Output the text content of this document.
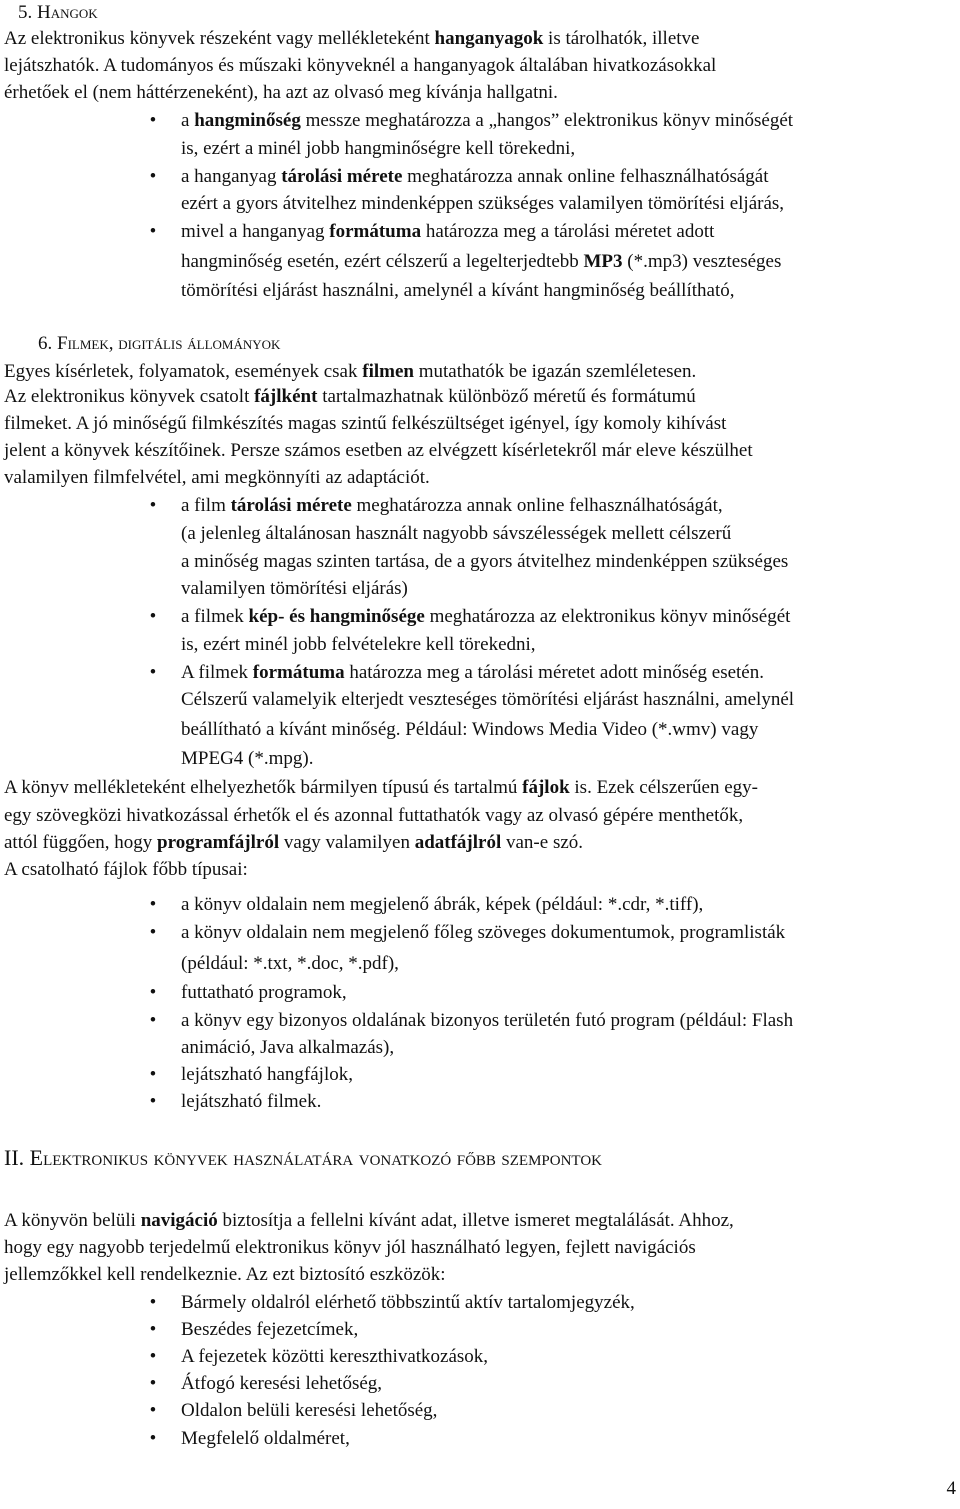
4
5. Hangok
Az elektronikus könyvek részeként vagy mellékleteként hanganyagok is tárolhatók, illetve
lejátszhatók. A tudományos és műszaki könyveknél a hanganyagok általában hivatkozásokkal
érhetőek el (nem háttérzeneként), ha azt az olvasó meg kívánja hallgatni.
• a hangminőség messze meghatározza a „hangos” elektronikus könyv minőségét
is, ezért a minél jobb hangminőségre kell törekedni,
• a hanganyag tárolási mérete meghatározza annak online felhasználhatóságát
ezért a gyors átvitelhez mindenképpen szükséges valamilyen tömörítési eljárás,
• mivel a hanganyag formátuma határozza meg a tárolási méretet adott
hangminőség esetén, ezért célszerű a legelterjedtebb MP3 (*.mp3) veszteséges
tömörítési eljárást használni, amelynél a kívánt hangminőség beállítható,
6. Filmek, digitális állományok
Egyes kísérletek, folyamatok, események csak filmen mutathatók be igazán szemléletesen.
Az elektronikus könyvek csatolt fájlként tartalmazhatnak különböző méretű és formátumú
filmeket. A jó minőségű filmkészítés magas szintű felkészültséget igényel, így komoly kihívást
jelent a könyvek készítőinek. Persze számos esetben az elvégzett kísérletekről már eleve készülhet
valamilyen filmfelvétel, ami megkönnyíti az adaptációt.
• a film tárolási mérete meghatározza annak online felhasználhatóságát,
(a jelenleg általánosan használt nagyobb sávszélességek mellett célszerű
a minőség magas szinten tartása, de a gyors átvitelhez mindenképpen szükséges
valamilyen tömörítési eljárás)
• a filmek kép- és hangminősége meghatározza az elektronikus könyv minőségét
is, ezért minél jobb felvételekre kell törekedni,
• A filmek formátuma határozza meg a tárolási méretet adott minőség esetén.
Célszerű valamelyik elterjedt veszteséges tömörítési eljárást használni, amelynél
beállítható a kívánt minőség. Például: Windows Media Video (*.wmv) vagy
MPEG4 (*.mpg).
A könyv mellékleteként elhelyezhetők bármilyen típusú és tartalmú fájlok is. Ezek célszerűen egy-
egy szövegközi hivatkozással érhetők el és azonnal futtathatók vagy az olvasó gépére menthetők,
attól függően, hogy programfájlról vagy valamilyen adatfájlról van-e szó.
A csatolható fájlok főbb típusai:
• a könyv oldalain nem megjelenő ábrák, képek (például: *.cdr, *.tiff),
• a könyv oldalain nem megjelenő főleg szöveges dokumentumok, programlisták
(például: *.txt, *.doc, *.pdf),
• futtatható programok,
• a könyv egy bizonyos oldalának bizonyos területén futó program (például: Flash
animáció, Java alkalmazás),
• lejátszható hangfájlok,
• lejátszható filmek.
II. Elektronikus könyvek használatára vonatkozó főbb szempontok
A könyvön belüli navigáció biztosítja a fellelni kívánt adat, illetve ismeret megtalálását. Ahhoz,
hogy egy nagyobb terjedelmű elektronikus könyv jól használható legyen, fejlett navigációs
jellemzőkkel kell rendelkeznie. Az ezt biztosító eszközök:
• Bármely oldalról elérhető többszintű aktív tartalomjegyzék,
• Beszédes fejezetcímek,
• A fejezetek közötti kereszthivatkozások,
• Átfogó keresési lehetőség,
• Oldalon belüli keresési lehetőség,
• Megfelelő oldalméret,
